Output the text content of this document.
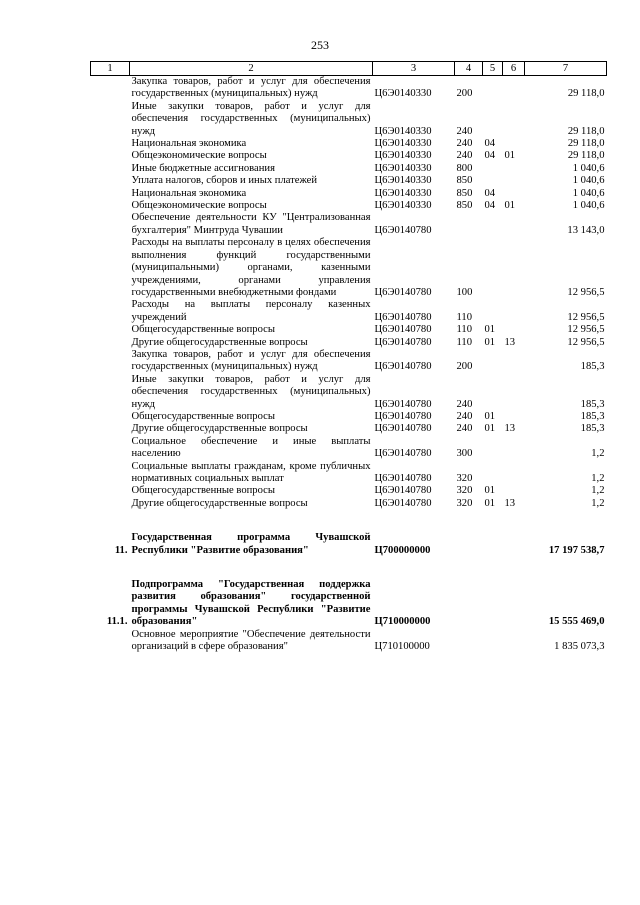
253
1	2	3	4	5	6	7
	Закупка товаров, работ и услуг для обеспечения государственных (муниципальных) нужд	Ц6Э0140330	200			29 118,0
	Иные закупки товаров, работ и услуг для обеспечения государственных (муниципальных) нужд	Ц6Э0140330	240			29 118,0
	Национальная экономика	Ц6Э0140330	240	04		29 118,0
	Общеэкономические вопросы	Ц6Э0140330	240	04	01	29 118,0
	Иные бюджетные ассигнования	Ц6Э0140330	800			1 040,6
	Уплата налогов, сборов и иных платежей	Ц6Э0140330	850			1 040,6
	Национальная экономика	Ц6Э0140330	850	04		1 040,6
	Общеэкономические вопросы	Ц6Э0140330	850	04	01	1 040,6
	Обеспечение деятельности КУ "Централизованная бухгалтерия" Минтруда Чувашии	Ц6Э0140780				13 143,0
	Расходы на выплаты персоналу в целях обеспечения выполнения функций государственными (муниципальными) органами, казенными учреждениями, органами управления государственными внебюджетными фондами	Ц6Э0140780	100			12 956,5
	Расходы на выплаты персоналу казенных учреждений	Ц6Э0140780	110			12 956,5
	Общегосударственные вопросы	Ц6Э0140780	110	01		12 956,5
	Другие общегосударственные вопросы	Ц6Э0140780	110	01	13	12 956,5
	Закупка товаров, работ и услуг для обеспечения государственных (муниципальных) нужд	Ц6Э0140780	200			185,3
	Иные закупки товаров, работ и услуг для обеспечения государственных (муниципальных) нужд	Ц6Э0140780	240			185,3
	Общегосударственные вопросы	Ц6Э0140780	240	01		185,3
	Другие общегосударственные вопросы	Ц6Э0140780	240	01	13	185,3
	Социальное обеспечение и иные выплаты населению	Ц6Э0140780	300			1,2
	Социальные выплаты гражданам, кроме публичных нормативных социальных выплат	Ц6Э0140780	320			1,2
	Общегосударственные вопросы	Ц6Э0140780	320	01		1,2
	Другие общегосударственные вопросы	Ц6Э0140780	320	01	13	1,2
11.	Государственная программа Чувашской Республики "Развитие образования"	Ц700000000				17 197 538,7
11.1.	Подпрограмма "Государственная поддержка развития образования" государственной программы Чувашской Республики "Развитие образования"	Ц710000000				15 555 469,0
	Основное мероприятие "Обеспечение деятельности организаций в сфере образования"	Ц710100000				1 835 073,3
